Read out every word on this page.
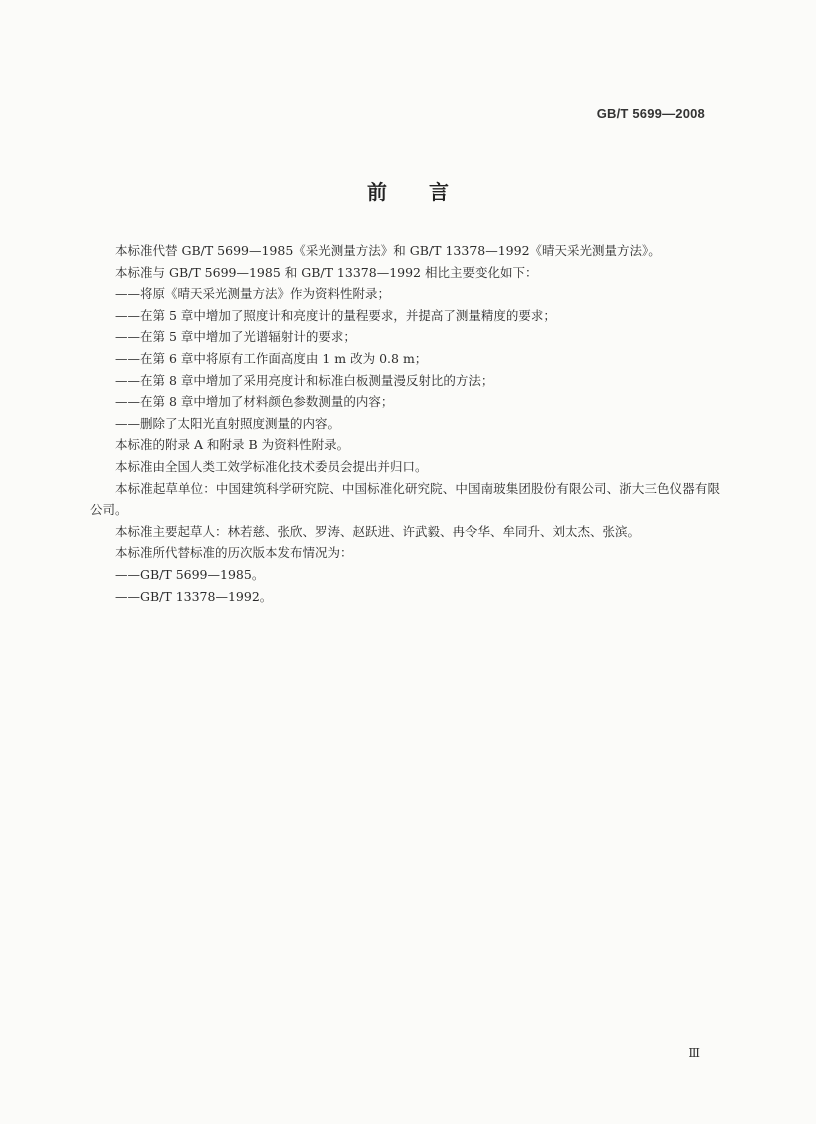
GB/T 5699—2008
前言

本标准代替 GB/T 5699—1985《采光测量方法》和 GB/T 13378—1992《晴天采光测量方法》。

本标准与 GB/T 5699—1985 和 GB/T 13378—1992 相比主要变化如下：

——将原《晴天采光测量方法》作为资料性附录；

——在第 5 章中增加了照度计和亮度计的量程要求，并提高了测量精度的要求；

——在第 5 章中增加了光谱辐射计的要求；

——在第 6 章中将原有工作面高度由 1 m 改为 0.8 m；

——在第 8 章中增加了采用亮度计和标准白板测量漫反射比的方法；

——在第 8 章中增加了材料颜色参数测量的内容；

——删除了太阳光直射照度测量的内容。

本标准的附录 A 和附录 B 为资料性附录。

本标准由全国人类工效学标准化技术委员会提出并归口。

本标准起草单位：中国建筑科学研究院、中国标准化研究院、中国南玻集团股份有限公司、浙大三色仪器有限公司。

本标准主要起草人：林若慈、张欣、罗涛、赵跃进、许武毅、冉令华、牟同升、刘太杰、张滨。

本标准所代替标准的历次版本发布情况为：

——GB/T 5699—1985。

——GB/T 13378—1992。

Ⅲ
